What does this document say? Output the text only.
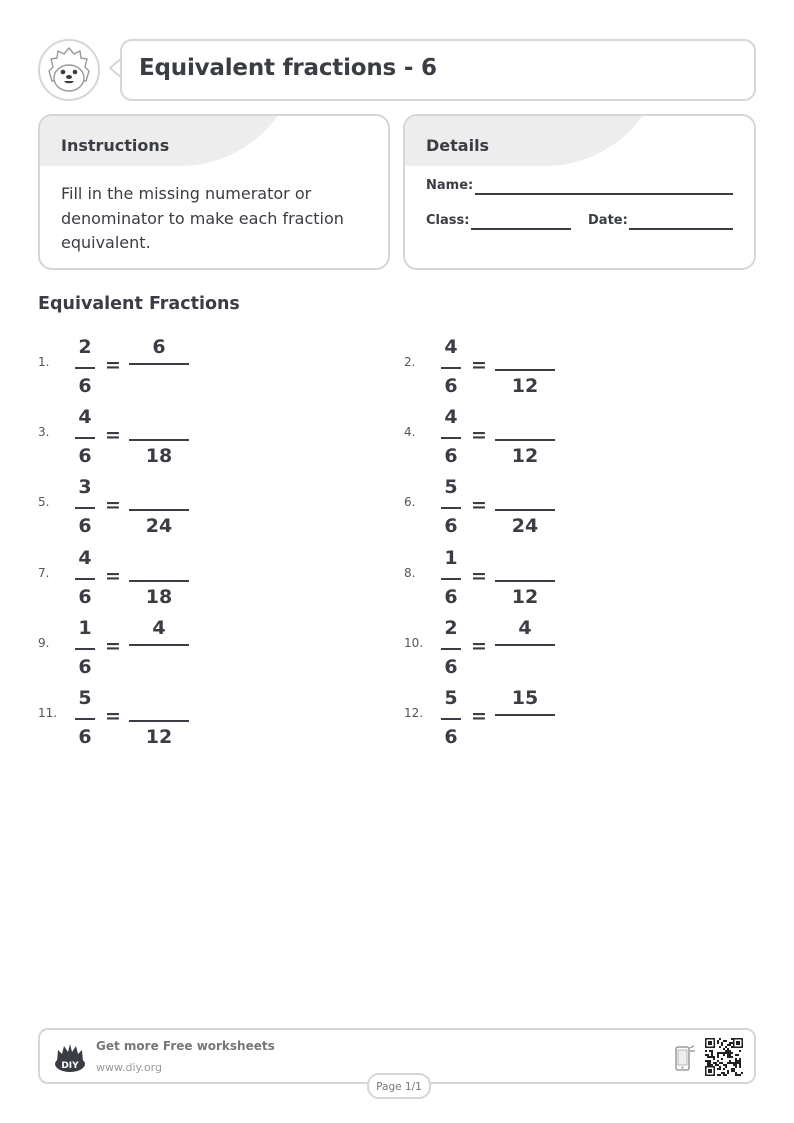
Equivalent fractions - 6
Instructions

Fill in the missing numerator or denominator to make each fraction equivalent.

Details
Name:
Class:	Date:
Equivalent Fractions
1.
2
6
=
6
2.
4
6
=
12
3.
4
6
=
18
4.
4
6
=
12
5.
3
6
=
24
6.
5
6
=
24
7.
4
6
=
18
8.
1
6
=
12
9.
1
6
=
4
10.
2
6
=
4
11.
5
6
=
12
12.
5
6
=
15
DIY
Get more Free worksheets
www.diy.org
Page 1/1
